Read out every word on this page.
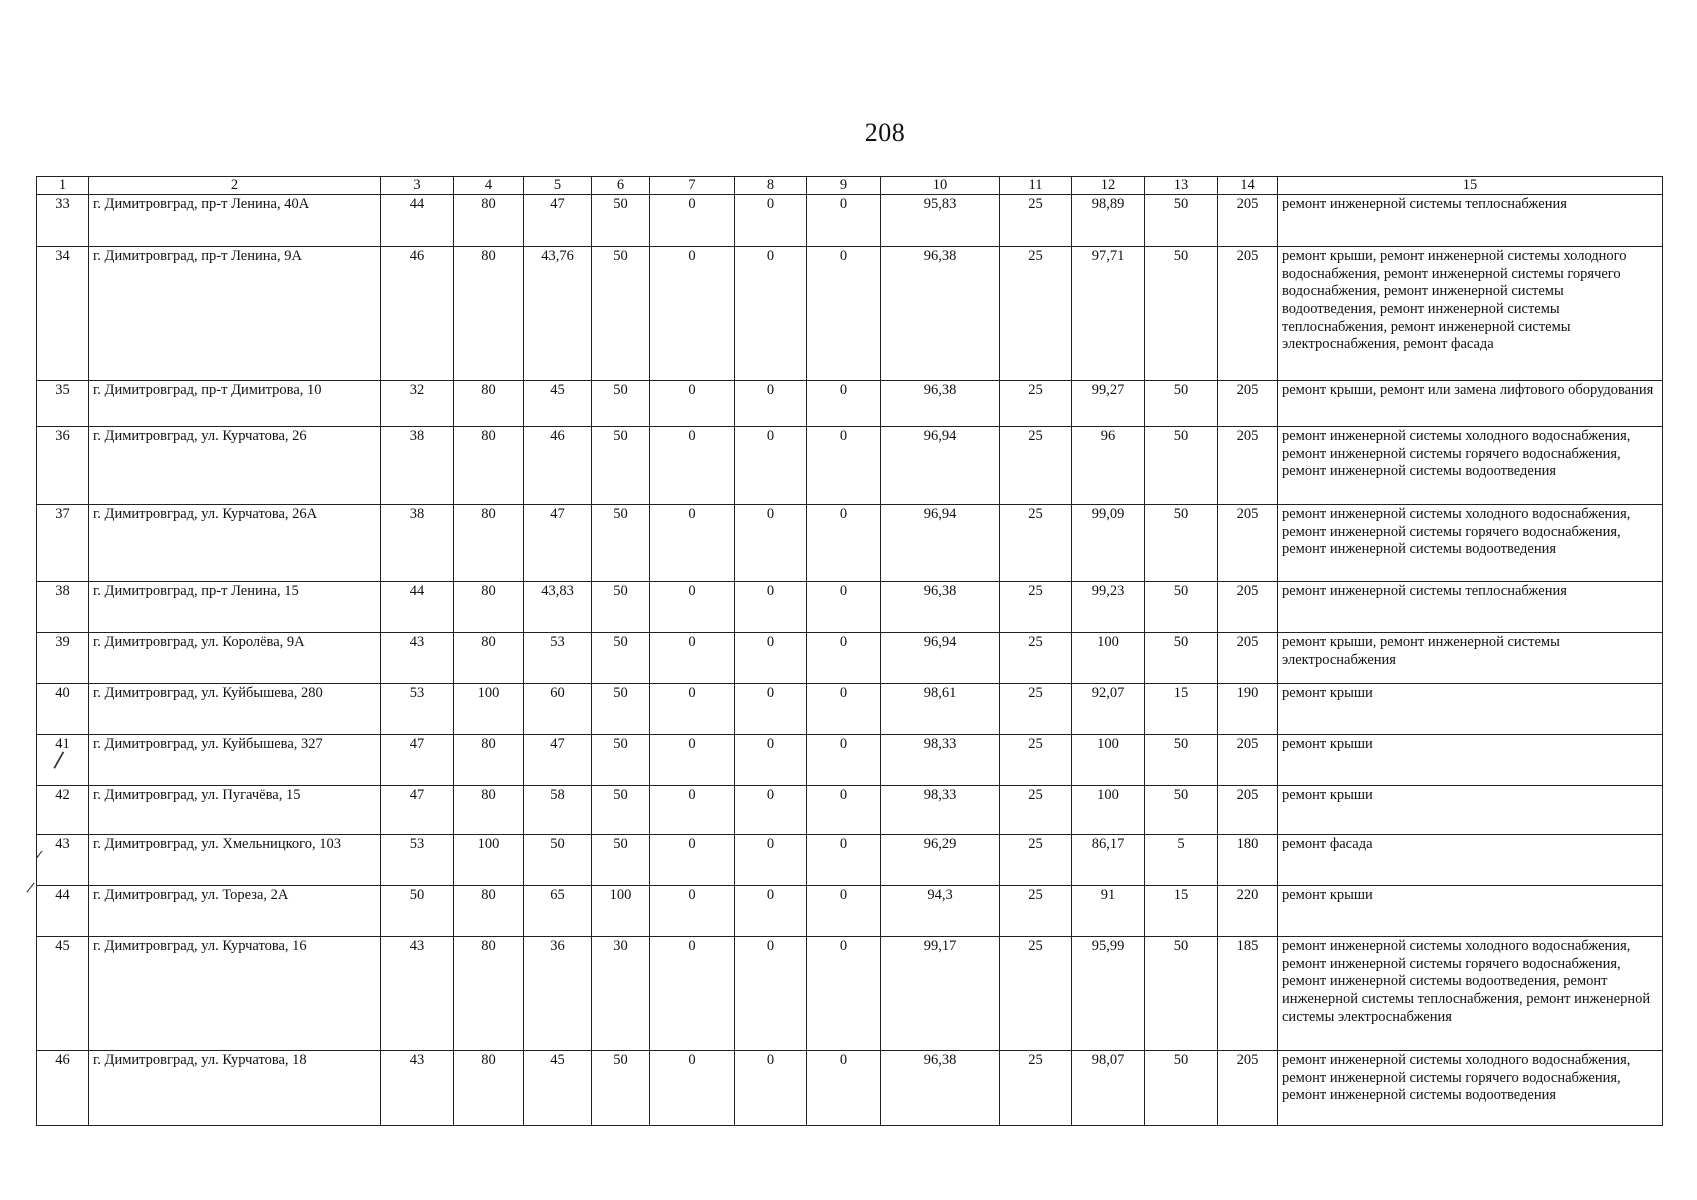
208
1	2	3	4	5	6	7	8	9	10	11	12	13	14	15
33	г. Димитровград, пр-т Ленина, 40А	44	80	47	50	0	0	0	95,83	25	98,89	50	205	ремонт инженерной системы теплоснабжения
34	г. Димитровград, пр-т Ленина, 9А	46	80	43,76	50	0	0	0	96,38	25	97,71	50	205	ремонт крыши, ремонт инженерной системы холодного водоснабжения, ремонт инженерной системы горячего водоснабжения, ремонт инженерной системы водоотведения, ремонт инженерной системы теплоснабжения, ремонт инженерной системы электроснабжения, ремонт фасада
35	г. Димитровград, пр-т Димитрова, 10	32	80	45	50	0	0	0	96,38	25	99,27	50	205	ремонт крыши, ремонт или замена лифтового оборудования
36	г. Димитровград, ул. Курчатова, 26	38	80	46	50	0	0	0	96,94	25	96	50	205	ремонт инженерной системы холодного водоснабжения, ремонт инженерной системы горячего водоснабжения, ремонт инженерной системы водоотведения
37	г. Димитровград, ул. Курчатова, 26А	38	80	47	50	0	0	0	96,94	25	99,09	50	205	ремонт инженерной системы холодного водоснабжения, ремонт инженерной системы горячего водоснабжения, ремонт инженерной системы водоотведения
38	г. Димитровград, пр-т Ленина, 15	44	80	43,83	50	0	0	0	96,38	25	99,23	50	205	ремонт инженерной системы теплоснабжения
39	г. Димитровград, ул. Королёва, 9А	43	80	53	50	0	0	0	96,94	25	100	50	205	ремонт крыши, ремонт инженерной системы электроснабжения
40	г. Димитровград, ул. Куйбышева, 280	53	100	60	50	0	0	0	98,61	25	92,07	15	190	ремонт крыши
41	г. Димитровград, ул. Куйбышева, 327	47	80	47	50	0	0	0	98,33	25	100	50	205	ремонт крыши
42	г. Димитровград, ул. Пугачёва, 15	47	80	58	50	0	0	0	98,33	25	100	50	205	ремонт крыши
43	г. Димитровград, ул. Хмельницкого, 103	53	100	50	50	0	0	0	96,29	25	86,17	5	180	ремонт фасада
44	г. Димитровград, ул. Тореза, 2А	50	80	65	100	0	0	0	94,3	25	91	15	220	ремонт крыши
45	г. Димитровград, ул. Курчатова, 16	43	80	36	30	0	0	0	99,17	25	95,99	50	185	ремонт инженерной системы холодного водоснабжения, ремонт инженерной системы горячего водоснабжения, ремонт инженерной системы водоотведения, ремонт инженерной системы теплоснабжения, ремонт инженерной системы электроснабжения
46	г. Димитровград, ул. Курчатова, 18	43	80	45	50	0	0	0	96,38	25	98,07	50	205	ремонт инженерной системы холодного водоснабжения, ремонт инженерной системы горячего водоснабжения, ремонт инженерной системы водоотведения
/
✓
/
